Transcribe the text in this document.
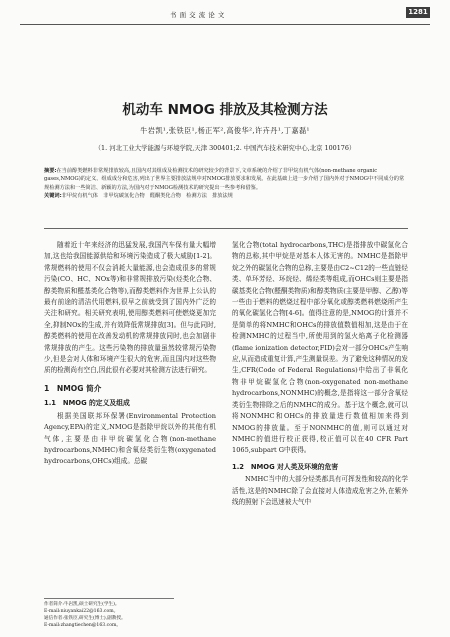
书 面 交 流 论 文	1281
机动车 NMOG 排放及其检测方法
牛岩凯¹,张铁臣¹,杨正军²,高俊华²,许卉丹¹,丁嘉磊¹
（1. 河北工业大学能源与环境学院,天津 300401;2. 中国汽车技术研究中心,北京 100176）
摘要:在当前醇类燃料非常规排放较高,且国内对其组成及检测技术的研究较少的背景下,文章系统的介绍了非甲烷有机气体(non-methane organic gases,NMOG)的定义、组成成分和危害,列出了世界主要排放法规中对NMOG排放要求和发展。在此基础上进一步介绍了国内外对于NMOG中不同成分的常规检测方法和一些简洁、新颖的方法,为国内对于NMOG检测技术的研究提出一些参考和借鉴。
关键词:非甲烷有机气体　非甲烷碳氢化合物　醛酮类化合物　检测方法　排放法规

随着近十年来经济的迅猛发展,我国汽车保有量大幅增加,这也给我国能源供给和环境污染造成了极大威胁[1-2]。常规燃料的使用不仅会消耗大量能源,也会造成很多的常规污染(CO、HC、NOx等)和非常规排放污染(烃类化合物、醇类物质和醛基类化合物等),而醇类燃料作为世界上公认的最有前途的清洁代用燃料,很早之前就受到了国内外广泛的关注和研究。相关研究表明,使用醇类燃料可使燃烧更加完全,抑制NOx的生成,并有效降低常规排放[3]。但与此同时,醇类燃料的使用在改善发动机的常规排放同时,也会加剧非常规排放的产生。这些污染物的排放量虽然较常规污染物少,但是会对人体和环境产生很大的危害,而且国内对这些物质的检测尚有空白,因此很有必要对其检测方法进行研究。

1　NMOG 简介
1.1　NMOG 的定义及组成

根据美国联邦环保署(Environmental Protection Agency,EPA)的定义,NMOG是指除甲烷以外的其他有机气体,主要是由非甲烷碳氢化合物(non-methane hydrocarbons,NMHC)和含氧烃类衍生物(oxygenated hydrocarbons,OHCs)组成。总碳

氢化合物(total hydrocarbons,THC)是指排放中碳氢化合物的总称,其中甲烷是对基本人体无害的。NMHC是指除甲烷之外的碳氢化合物的总称,主要是由C2~C12的一些直链烃类、单环芳烃、环烷烃、烯烃类等组成,而OHCs则主要是指碳基类化合物(醛酮类物质)和醇类物质(主要是甲醇、乙醇)等一些由于燃料的燃烧过程中部分氧化或醇类燃料燃烧所产生的氧化碳氢化合物[4-6]。值得注意的是,NMOG的计算并不是简单的将NMHC和OHCs的排放值数值相加,这是由于在检测NMHC的过程当中,所使用到的氢火焰离子化检测器(flame ionization detector,FID)会对一部分OHCs产生响应,从而造成重复计算,产生测量误差。为了避免这种情况的发生,CFR(Code of Federal Regulations)中给出了非氧化物非甲烷碳氢化合物(non-oxygenated non-methane hydrocarbons,NONMHC)的概念,是指将这一部分含氧烃类衍生物排除之后的NMHC的成分。基于这个概念,就可以将NONMHC和OHCs的排放量进行数值相加来得到NMOG的排放量。至于NONMHC的值,则可以通过对NMHC的值进行校正获得,校正值可以在40 CFR Part 1065,subpart G中获得。

1.2　NMOG 对人类及环境的危害

NMHC当中的大部分烃类都具有可挥发性和较高的化学活性,这是的NMHC除了会直接对人体造成危害之外,在紫外线的照射下会迅速被大气中

作者简介:牛岩凯,硕士研究生(学生)。
E-mail:niuyankai22@163.com。
通信作者:张铁臣,研究生(博士),副教授。
E-mail:zhangtiechen@163.com。
